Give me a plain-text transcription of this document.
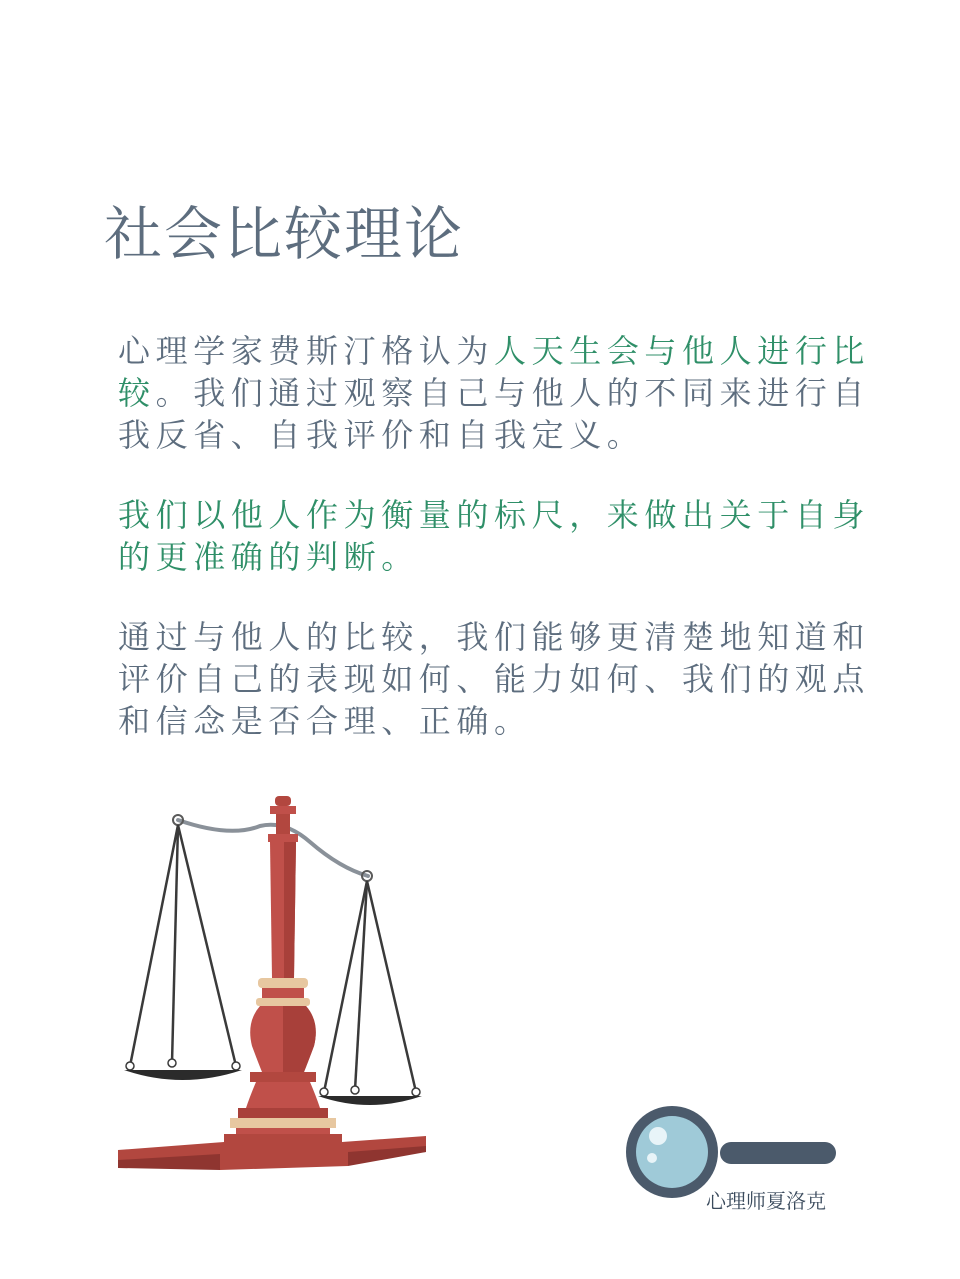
社会比较理论

心理学家费斯汀格认为人天生会与他人进行比较。我们通过观察自己与他人的不同来进行自我反省、自我评价和自我定义。

我们以他人作为衡量的标尺，来做出关于自身的更准确的判断。

通过与他人的比较，我们能够更清楚地知道和评价自己的表现如何、能力如何、我们的观点和信念是否合理、正确。

心理师夏洛克
